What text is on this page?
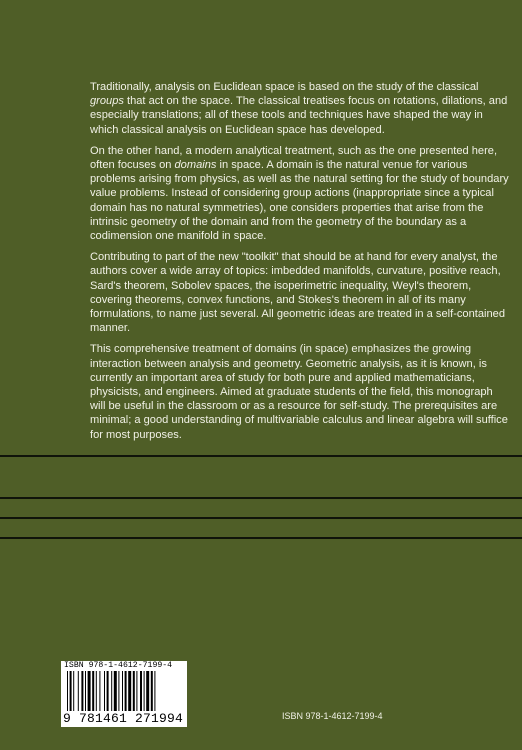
Traditionally, analysis on Euclidean space is based on the study of the classical groups that act on the space. The classical treatises focus on rotations, dilations, and especially translations; all of these tools and techniques have shaped the way in which classical analysis on Euclidean space has developed.

On the other hand, a modern analytical treatment, such as the one presented here, often focuses on domains in space. A domain is the natural venue for various problems arising from physics, as well as the natural setting for the study of boundary value problems. Instead of considering group actions (inappropriate since a typical domain has no natural symmetries), one considers properties that arise from the intrinsic geometry of the domain and from the geometry of the boundary as a codimension one manifold in space.

Contributing to part of the new "toolkit" that should be at hand for every analyst, the authors cover a wide array of topics: imbedded manifolds, curvature, positive reach, Sard's theorem, Sobolev spaces, the isoperimetric inequality, Weyl's theorem, covering theorems, convex functions, and Stokes's theorem in all of its many formulations, to name just several. All geometric ideas are treated in a self-contained manner.

This comprehensive treatment of domains (in space) emphasizes the growing interaction between analysis and geometry. Geometric analysis, as it is known, is currently an important area of study for both pure and applied mathematicians, physicists, and engineers. Aimed at graduate students of the field, this monograph will be useful in the classroom or as a resource for self-study. The prerequisites are minimal; a good understanding of multivariable calculus and linear algebra will suffice for most purposes.

ISBN 978-1-4612-7199-4
9 781461 271994	ISBN 978-1-4612-7199-4
